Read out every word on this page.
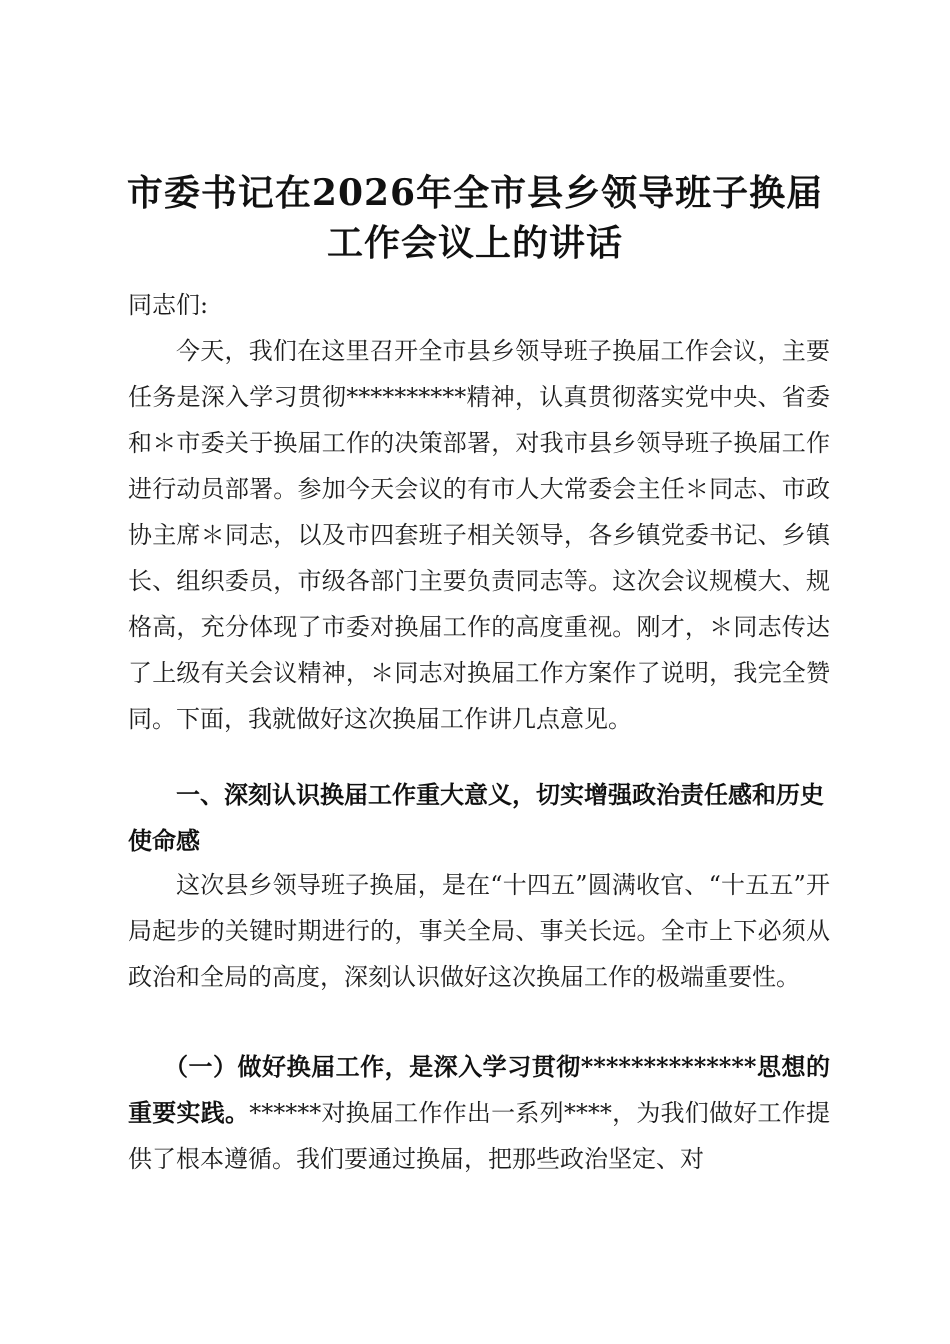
市委书记在2026年全市县乡领导班子换届
工作会议上的讲话
同志们:
今天，我们在这里召开全市县乡领导班子换届工作会议，主要任务是深入学习贯彻**********精神，认真贯彻落实党中央、省委和＊市委关于换届工作的决策部署，对我市县乡领导班子换届工作进行动员部署。参加今天会议的有市人大常委会主任＊同志、市政协主席＊同志，以及市四套班子相关领导，各乡镇党委书记、乡镇长、组织委员，市级各部门主要负责同志等。这次会议规模大、规格高，充分体现了市委对换届工作的高度重视。刚才，＊同志传达了上级有关会议精神，＊同志对换届工作方案作了说明，我完全赞同。下面，我就做好这次换届工作讲几点意见。
一、深刻认识换届工作重大意义，切实增强政治责任感和历史使命感
这次县乡领导班子换届，是在“十四五”圆满收官、“十五五”开局起步的关键时期进行的，事关全局、事关长远。全市上下必须从政治和全局的高度，深刻认识做好这次换届工作的极端重要性。
（一）做好换届工作，是深入学习贯彻**************思想的重要实践。******对换届工作作出一系列****，为我们做好工作提供了根本遵循。我们要通过换届，把那些政治坚定、对
